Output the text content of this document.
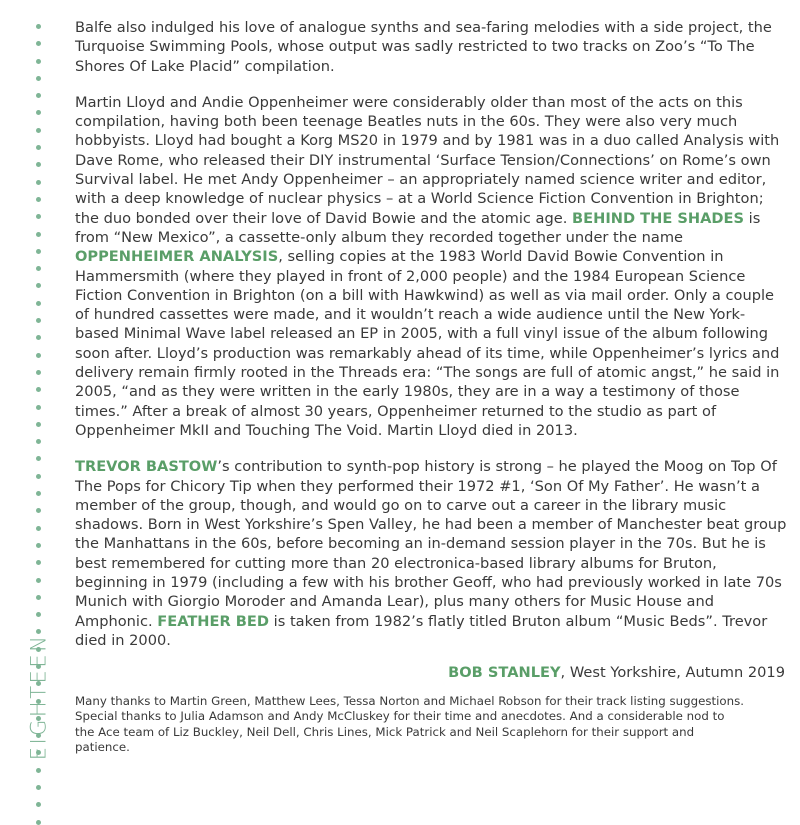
EIGHTEEN

Balfe also indulged his love of analogue synths and sea-faring melodies with a side project, the Turquoise Swimming Pools, whose output was sadly restricted to two tracks on Zoo’s “To The Shores Of Lake Placid” compilation.

Martin Lloyd and Andie Oppenheimer were considerably older than most of the acts on this compilation, having both been teenage Beatles nuts in the 60s. They were also very much hobbyists. Lloyd had bought a Korg MS20 in 1979 and by 1981 was in a duo called Analysis with Dave Rome, who released their DIY instrumental ‘Surface Tension/Connections’ on Rome’s own Survival label. He met Andy Oppenheimer – an appropriately named science writer and editor, with a deep knowledge of nuclear physics – at a World Science Fiction Convention in Brighton; the duo bonded over their love of David Bowie and the atomic age. BEHIND THE SHADES is from “New Mexico”, a cassette-only album they recorded together under the name OPPENHEIMER ANALYSIS, selling copies at the 1983 World David Bowie Convention in Hammersmith (where they played in front of 2,000 people) and the 1984 European Science Fiction Convention in Brighton (on a bill with Hawkwind) as well as via mail order. Only a couple of hundred cassettes were made, and it wouldn’t reach a wide audience until the New York-based Minimal Wave label released an EP in 2005, with a full vinyl issue of the album following soon after. Lloyd’s production was remarkably ahead of its time, while Oppenheimer’s lyrics and delivery remain firmly rooted in the Threads era: “The songs are full of atomic angst,” he said in 2005, “and as they were written in the early 1980s, they are in a way a testimony of those times.” After a break of almost 30 years, Oppenheimer returned to the studio as part of Oppenheimer MkII and Touching The Void. Martin Lloyd died in 2013.

TREVOR BASTOW’s contribution to synth-pop history is strong – he played the Moog on Top Of The Pops for Chicory Tip when they performed their 1972 #1, ‘Son Of My Father’. He wasn’t a member of the group, though, and would go on to carve out a career in the library music shadows. Born in West Yorkshire’s Spen Valley, he had been a member of Manchester beat group the Manhattans in the 60s, before becoming an in-demand session player in the 70s. But he is best remembered for cutting more than 20 electronica-based library albums for Bruton, beginning in 1979 (including a few with his brother Geoff, who had previously worked in late 70s Munich with Giorgio Moroder and Amanda Lear), plus many others for Music House and Amphonic. FEATHER BED is taken from 1982’s flatly titled Bruton album “Music Beds”. Trevor died in 2000.

BOB STANLEY, West Yorkshire, Autumn 2019

Many thanks to Martin Green, Matthew Lees, Tessa Norton and Michael Robson for their track listing suggestions. Special thanks to Julia Adamson and Andy McCluskey for their time and anecdotes. And a considerable nod to the Ace team of Liz Buckley, Neil Dell, Chris Lines, Mick Patrick and Neil Scaplehorn for their support and patience.
